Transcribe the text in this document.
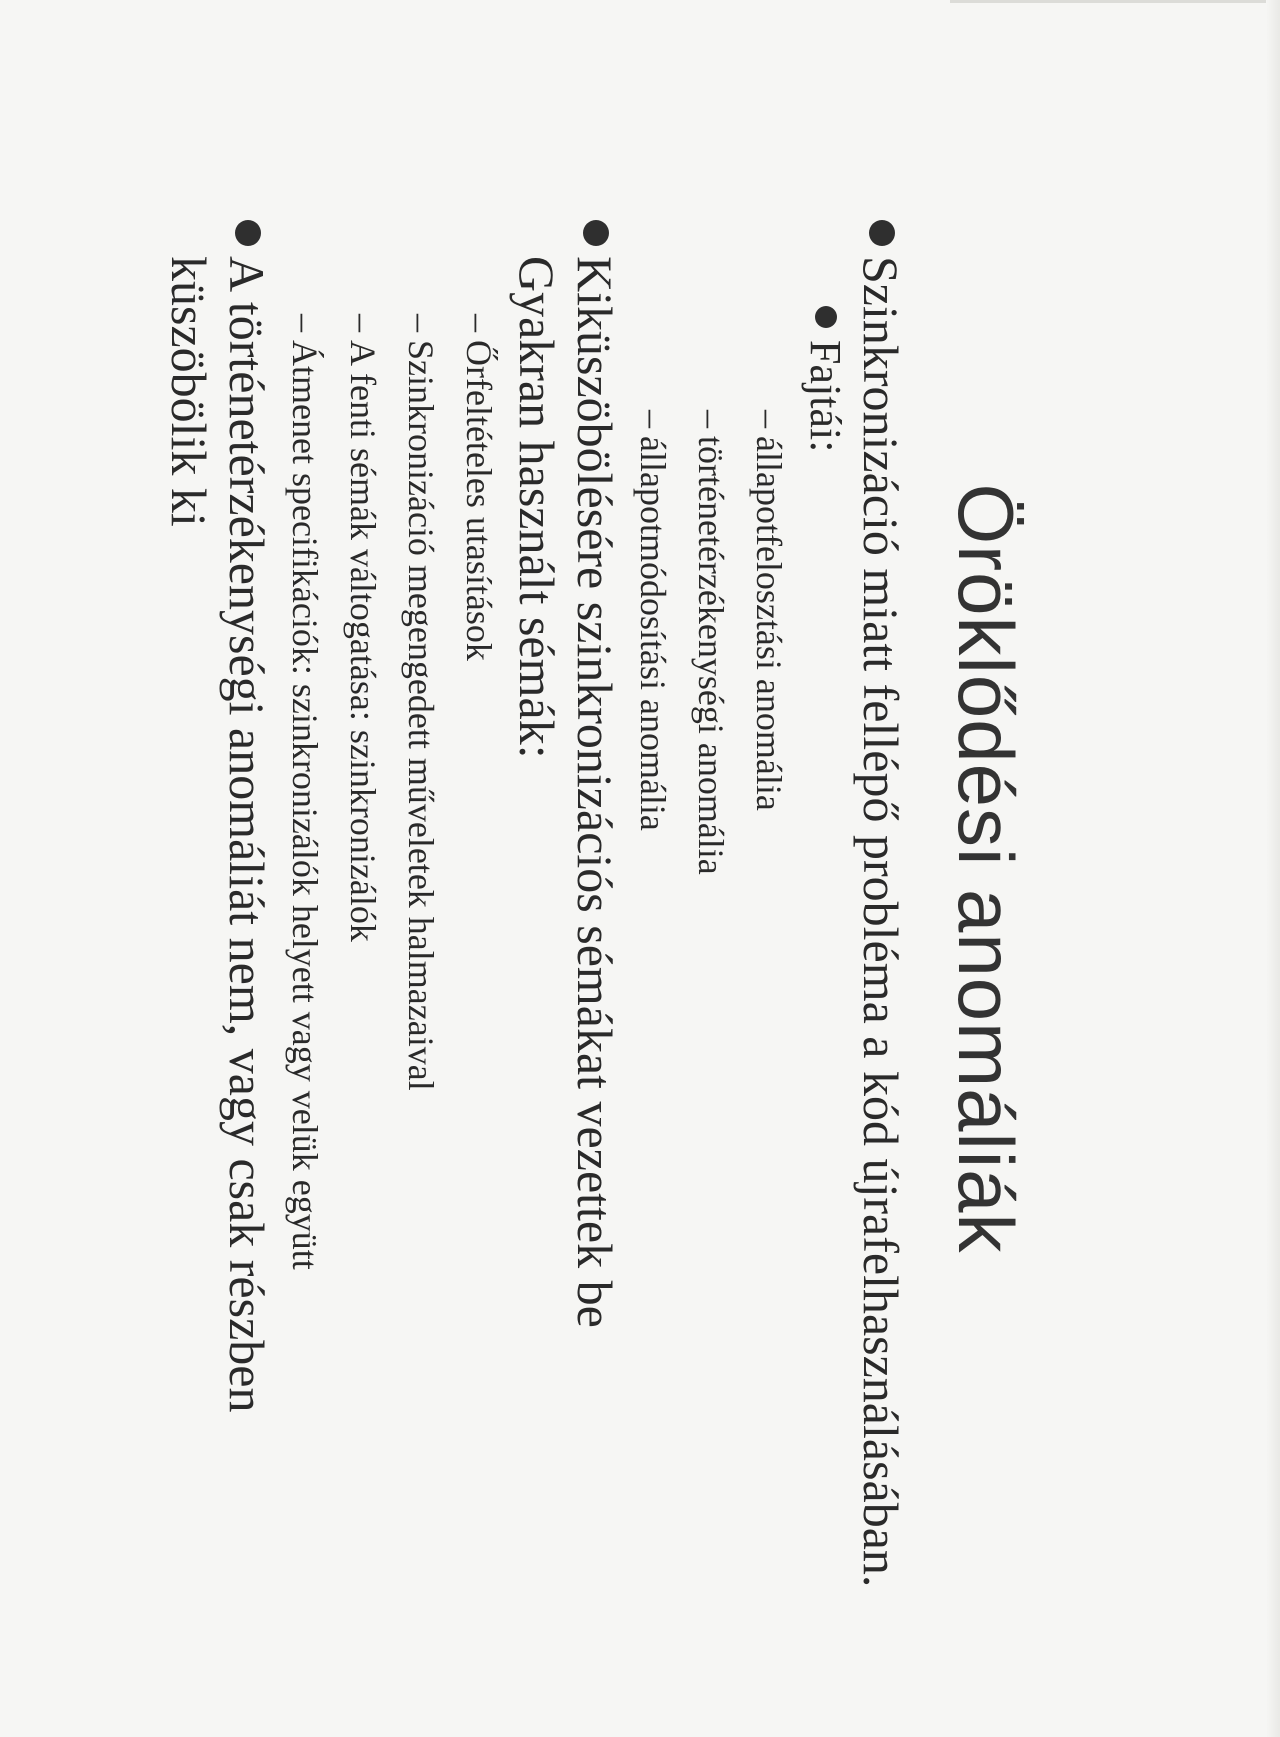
Öröklődési anomáliák

Szinkronizáció miatt fellépő probléma a kód újrafelhasználásában.

Fajtái:

–
állapotfelosztási anomália

–
történetérzékenységi anomália

–
állapotmódosítási anomália

Kiküszöbölésére szinkronizációs sémákat vezettek be

Gyakran használt sémák:

–
Őrfeltételes utasítások

–
Szinkronizáció megengedett műveletek halmazaival

–
A fenti sémák váltogatása: szinkronizálók

–
Átmenet specifikációk: szinkronizálók helyett vagy velük együtt

A történetérzékenységi anomáliát nem, vagy csak részben küszöbölik ki
